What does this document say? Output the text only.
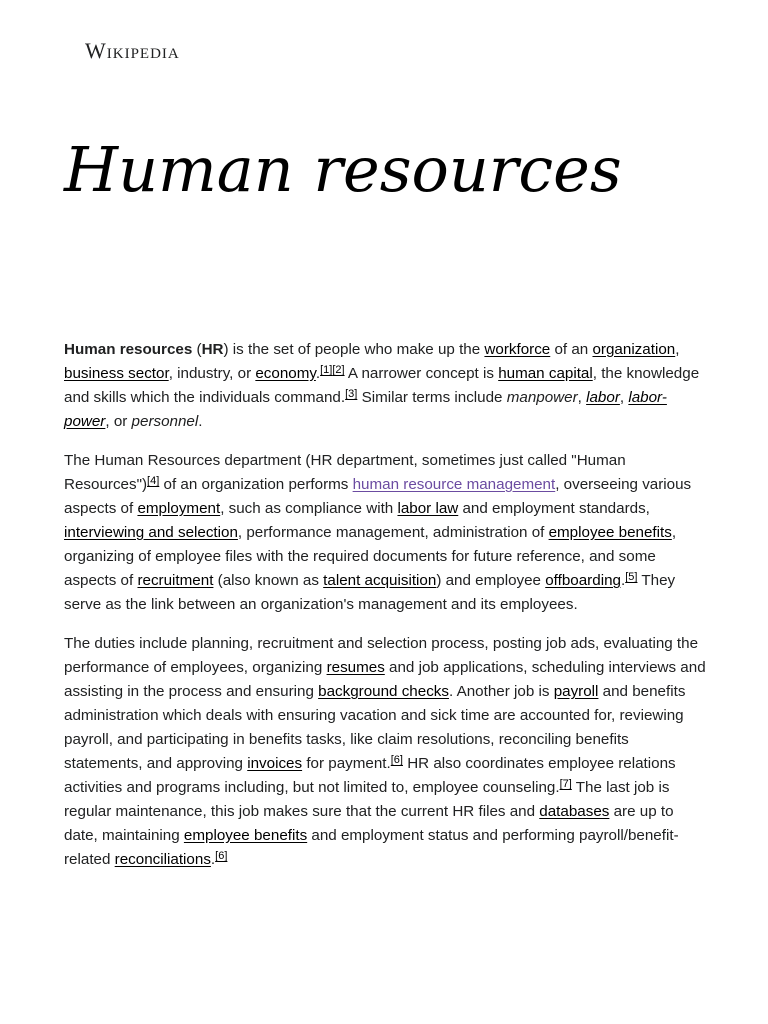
Wikipedia
Human resources

Human resources (HR) is the set of people who make up the workforce of an organization, business sector, industry, or economy.[1][2] A narrower concept is human capital, the knowledge and skills which the individuals command.[3] Similar terms include manpower, labor, labor-power, or personnel.

The Human Resources department (HR department, sometimes just called "Human Resources")[4] of an organization performs human resource management, overseeing various aspects of employment, such as compliance with labor law and employment standards, interviewing and selection, performance management, administration of employee benefits, organizing of employee files with the required documents for future reference, and some aspects of recruitment (also known as talent acquisition) and employee offboarding.[5] They serve as the link between an organization's management and its employees.

The duties include planning, recruitment and selection process, posting job ads, evaluating the performance of employees, organizing resumes and job applications, scheduling interviews and assisting in the process and ensuring background checks. Another job is payroll and benefits administration which deals with ensuring vacation and sick time are accounted for, reviewing payroll, and participating in benefits tasks, like claim resolutions, reconciling benefits statements, and approving invoices for payment.[6] HR also coordinates employee relations activities and programs including, but not limited to, employee counseling.[7] The last job is regular maintenance, this job makes sure that the current HR files and databases are up to date, maintaining employee benefits and employment status and performing payroll/benefit-related reconciliations.[6]
